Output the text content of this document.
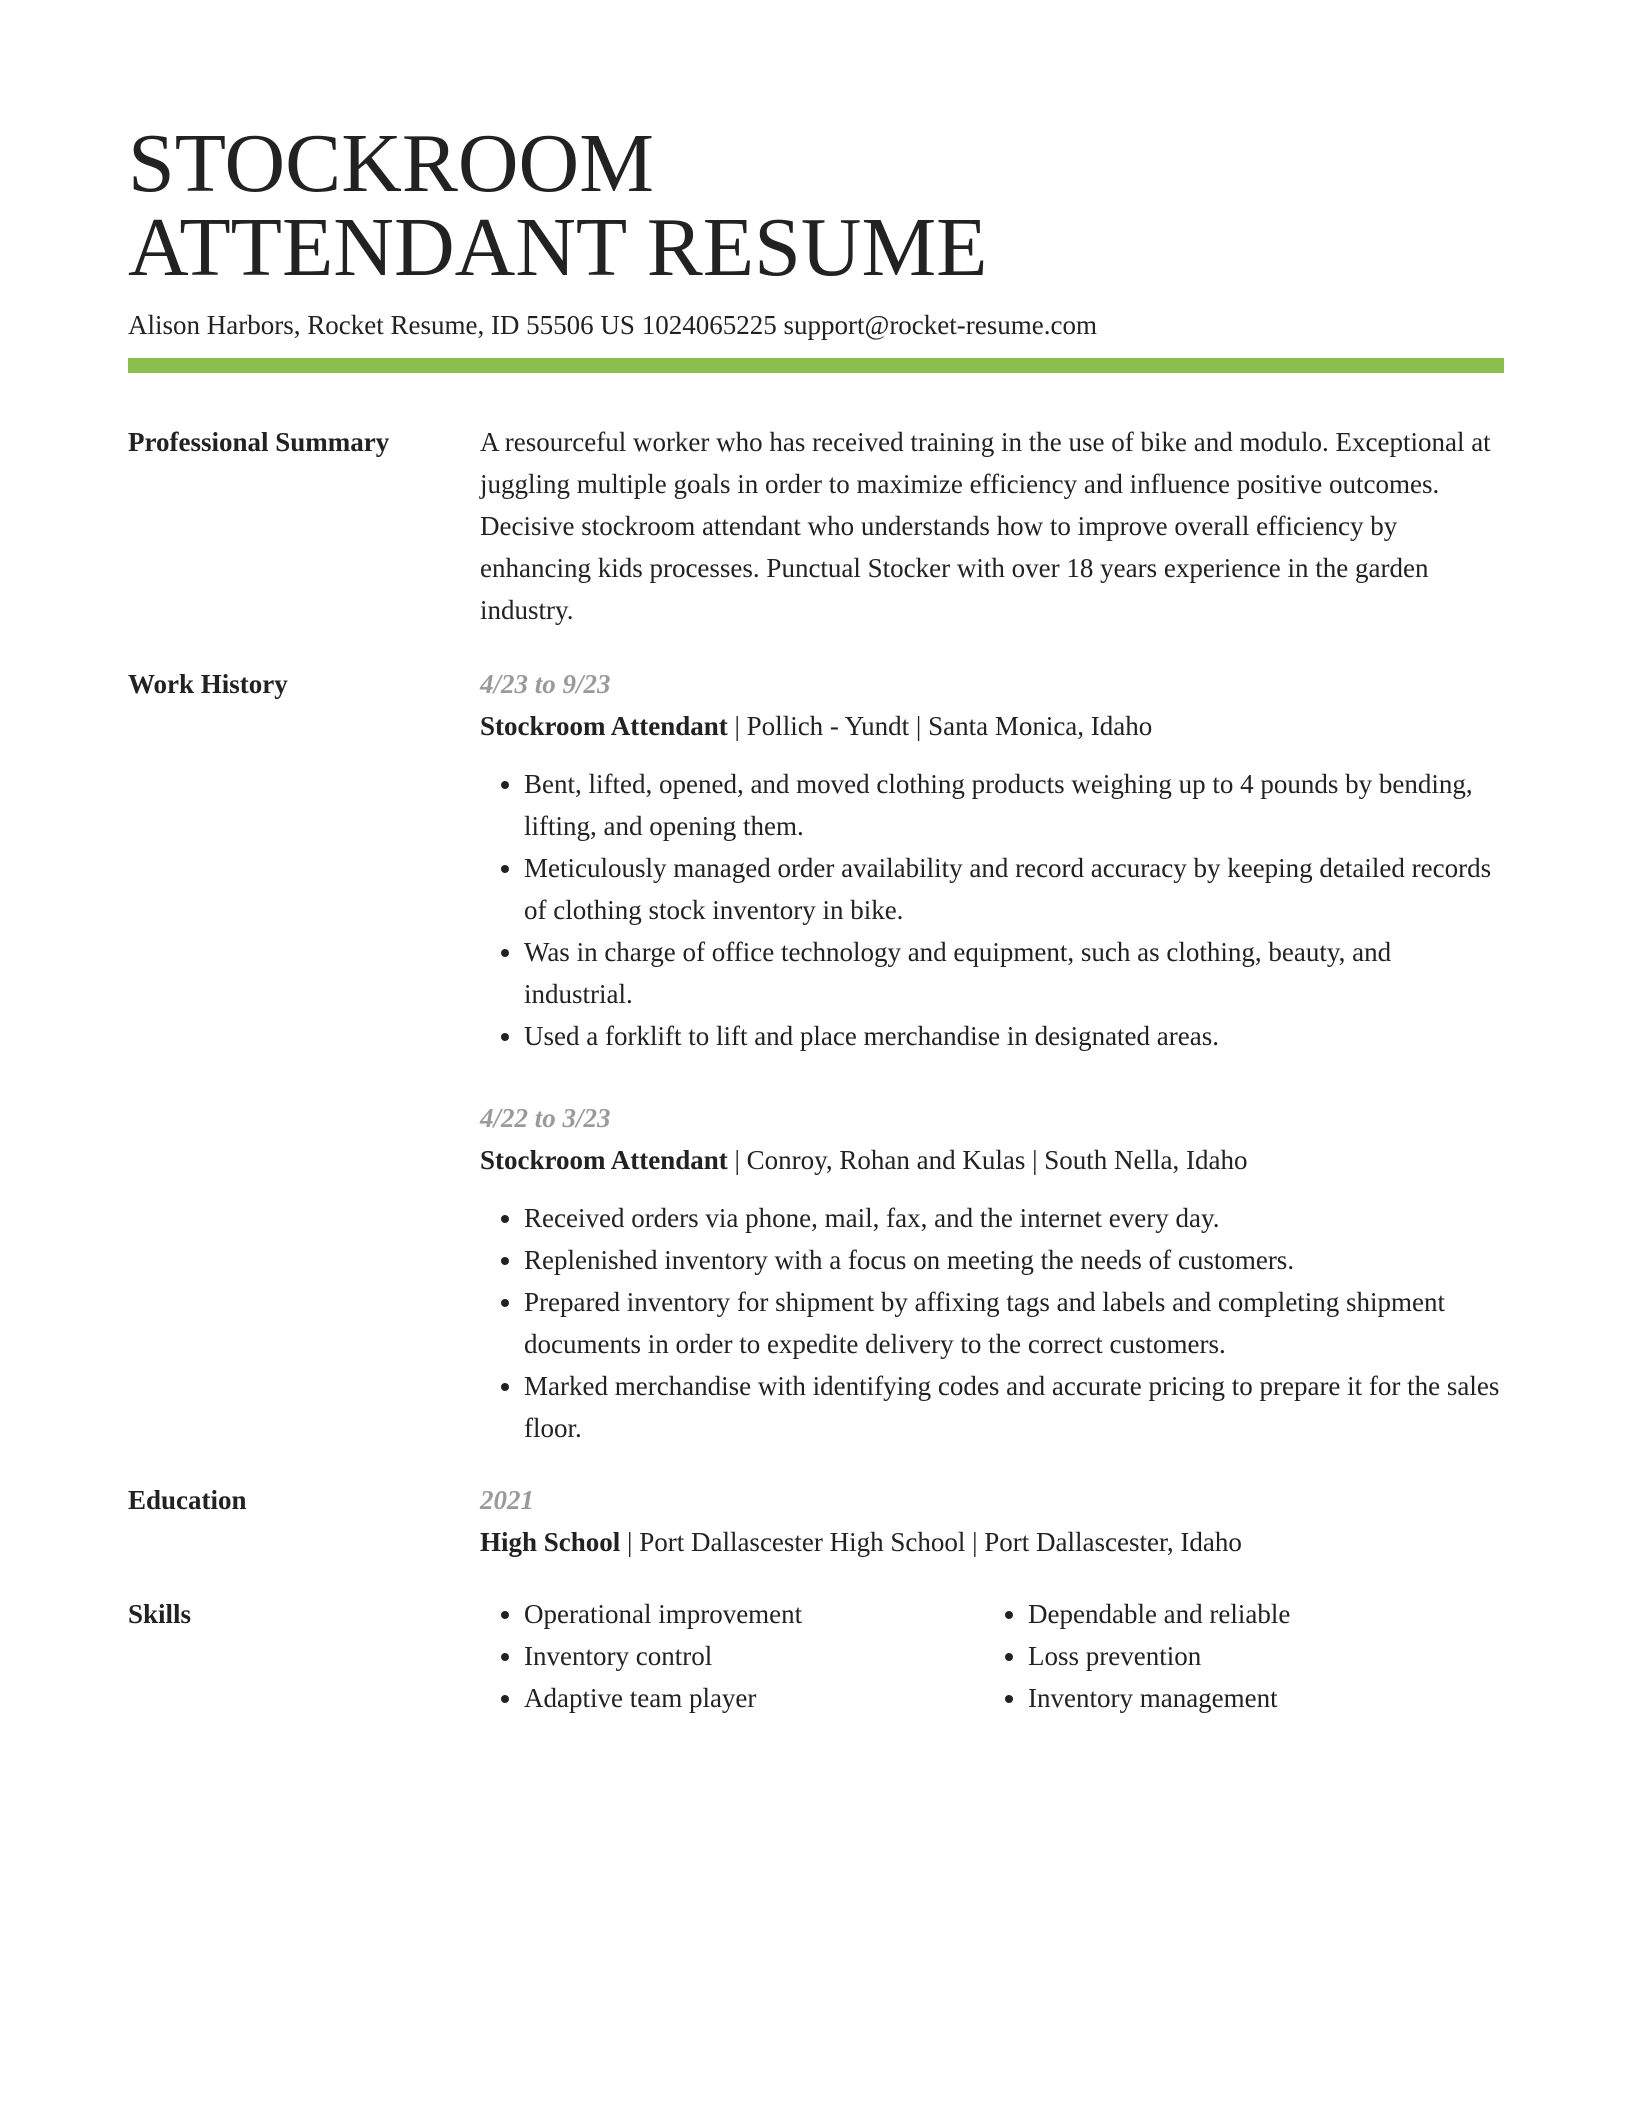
STOCKROOM
ATTENDANT RESUME
Alison Harbors, Rocket Resume, ID 55506 US 1024065225 support@rocket-resume.com
Professional Summary	A resourceful worker who has received training in the use of bike and modulo. Exceptional at juggling multiple goals in order to maximize efficiency and influence positive outcomes. Decisive stockroom attendant who understands how to improve overall efficiency by enhancing kids processes. Punctual Stocker with over 18 years experience in the garden industry.
Work History	4/23 to 9/23
Stockroom Attendant | Pollich - Yundt | Santa Monica, Idaho
• Bent, lifted, opened, and moved clothing products weighing up to 4 pounds by bending, lifting, and opening them.
• Meticulously managed order availability and record accuracy by keeping detailed records of clothing stock inventory in bike.
• Was in charge of office technology and equipment, such as clothing, beauty, and industrial.
• Used a forklift to lift and place merchandise in designated areas.
4/22 to 3/23
Stockroom Attendant | Conroy, Rohan and Kulas | South Nella, Idaho
• Received orders via phone, mail, fax, and the internet every day.
• Replenished inventory with a focus on meeting the needs of customers.
• Prepared inventory for shipment by affixing tags and labels and completing shipment documents in order to expedite delivery to the correct customers.
• Marked merchandise with identifying codes and accurate pricing to prepare it for the sales floor.
Education	2021
High School | Port Dallascester High School | Port Dallascester, Idaho
Skills
•	Operational improvement
• Inventory control
• Adaptive team player
• Dependable and reliable
• Loss prevention
• Inventory management
